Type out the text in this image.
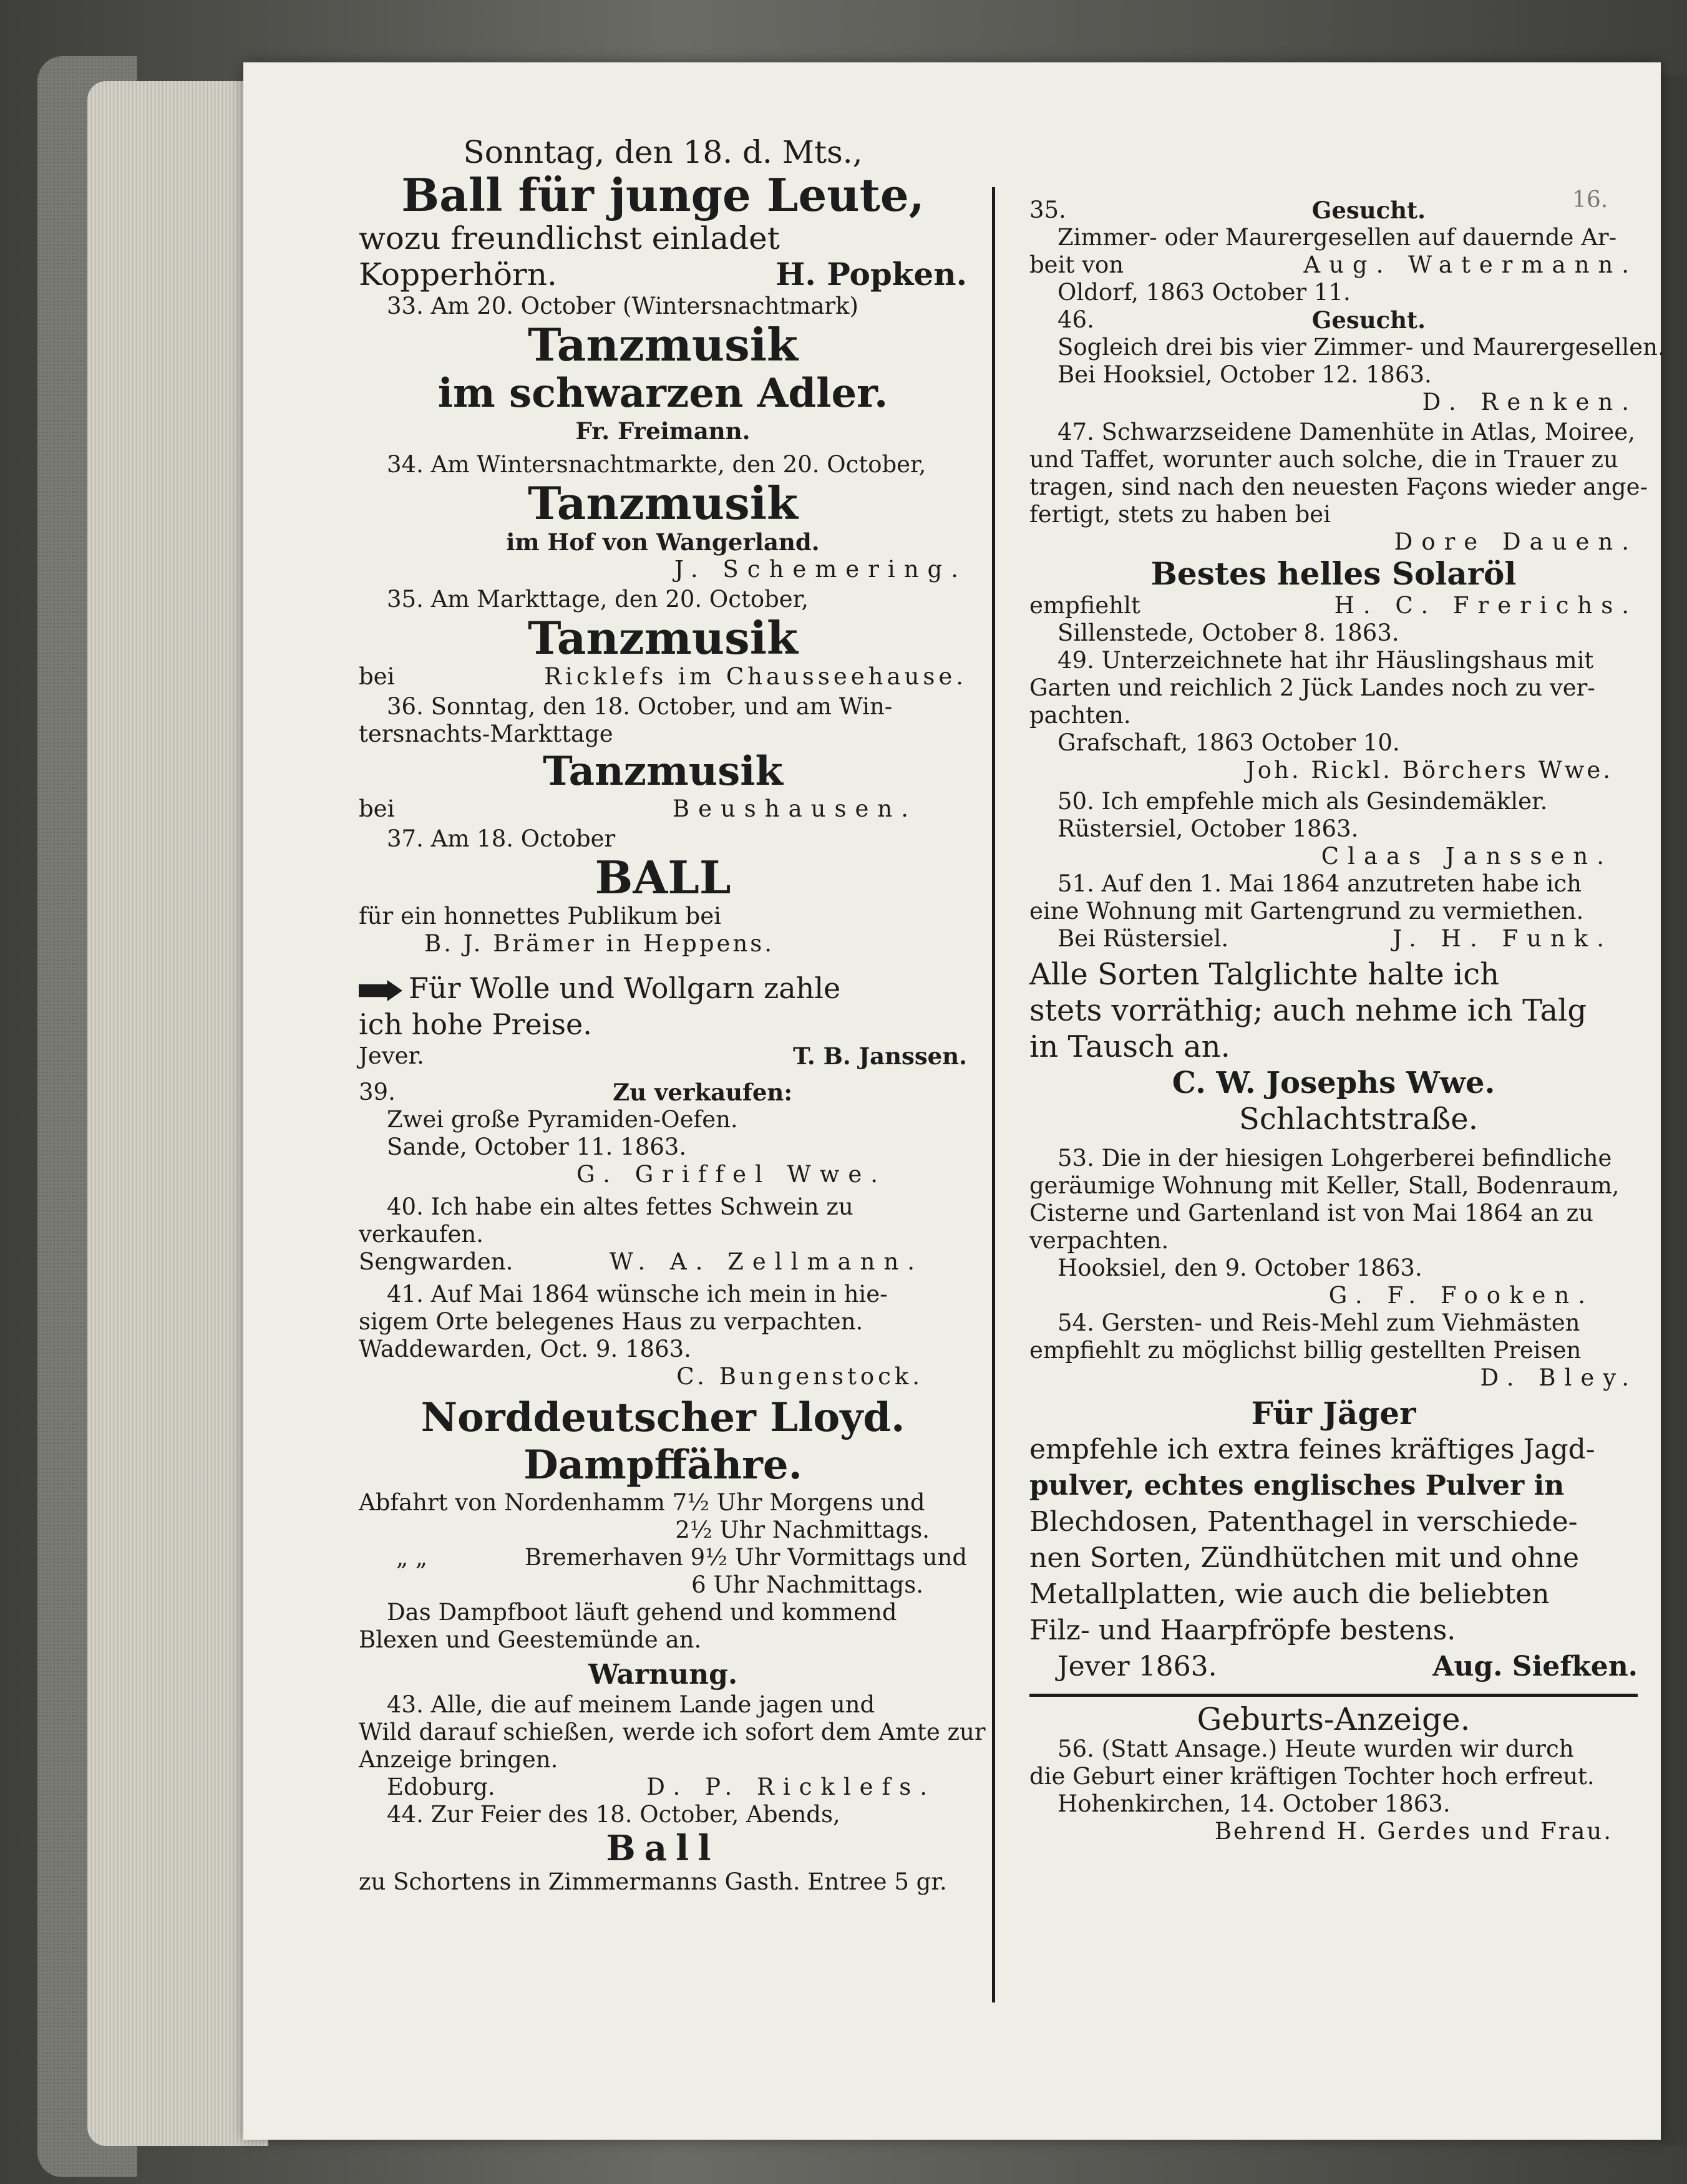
16.
Sonntag, den 18. d. Mts.,
Ball für junge Leute,
wozu freundlichst einladet
Kopperhörn.	H. Popken.
33. Am 20. October (Wintersnachtmark)
Tanzmusik
im schwarzen Adler.
Fr. Freimann.
34. Am Wintersnachtmarkte, den 20. October,
Tanzmusik
im Hof von Wangerland.
J. Schemering.
35. Am Markttage, den 20. October,
Tanzmusik
bei	Ricklefs im Chausseehause.
36. Sonntag, den 18. October, und am Win-
tersnachts-Markttage
Tanzmusik
bei	Beushausen.
37. Am 18. October
BALL
für ein honnettes Publikum bei
B. J. Brämer in Heppens.
Für Wolle und Wollgarn zahle
ich hohe Preise.
Jever.	T. B. Janssen.
39.	Zu verkaufen:
Zwei große Pyramiden-Oefen.
Sande, October 11. 1863.
G. Griffel Wwe.
40. Ich habe ein altes fettes Schwein zu
verkaufen.
Sengwarden.	W. A. Zellmann.
41. Auf Mai 1864 wünsche ich mein in hie-
sigem Orte belegenes Haus zu verpachten.
Waddewarden, Oct. 9. 1863.
C. Bungenstock.
Norddeutscher Lloyd.
Dampffähre.
Abfahrt von Nordenhamm 7½ Uhr Morgens und
2½ Uhr Nachmittags.
„ „	Bremerhaven 9½ Uhr Vormittags und
6 Uhr Nachmittags.
Das Dampfboot läuft gehend und kommend
Blexen und Geestemünde an.
Warnung.
43. Alle, die auf meinem Lande jagen und
Wild darauf schießen, werde ich sofort dem Amte zur
Anzeige bringen.
Edoburg.	D. P. Ricklefs.
44. Zur Feier des 18. October, Abends,
Ball
zu Schortens in Zimmermanns Gasth. Entree 5 gr.
35.	Gesucht.
Zimmer- oder Maurergesellen auf dauernde Ar-
beit von	Aug. Watermann.
Oldorf, 1863 October 11.
46.	Gesucht.
Sogleich drei bis vier Zimmer- und Maurergesellen.
Bei Hooksiel, October 12. 1863.
D. Renken.
47. Schwarzseidene Damenhüte in Atlas, Moiree,
und Taffet, worunter auch solche, die in Trauer zu
tragen, sind nach den neuesten Façons wieder ange-
fertigt, stets zu haben bei
Dore Dauen.
Bestes helles Solaröl
empfiehlt	H. C. Frerichs.
Sillenstede, October 8. 1863.
49. Unterzeichnete hat ihr Häuslingshaus mit
Garten und reichlich 2 Jück Landes noch zu ver-
pachten.
Grafschaft, 1863 October 10.
Joh. Rickl. Börchers Wwe.
50. Ich empfehle mich als Gesindemäkler.
Rüstersiel, October 1863.
Claas Janssen.
51. Auf den 1. Mai 1864 anzutreten habe ich
eine Wohnung mit Gartengrund zu vermiethen.
Bei Rüstersiel.	J. H. Funk.
Alle Sorten Talglichte halte ich
stets vorräthig; auch nehme ich Talg
in Tausch an.
C. W. Josephs Wwe.
Schlachtstraße.
53. Die in der hiesigen Lohgerberei befindliche
geräumige Wohnung mit Keller, Stall, Bodenraum,
Cisterne und Gartenland ist von Mai 1864 an zu
verpachten.
Hooksiel, den 9. October 1863.
G. F. Fooken.
54. Gersten- und Reis-Mehl zum Viehmästen
empfiehlt zu möglichst billig gestellten Preisen
D. Bley.
Für Jäger
empfehle ich extra feines kräftiges Jagd-
pulver, echtes englisches Pulver in
Blechdosen, Patenthagel in verschiede-
nen Sorten, Zündhütchen mit und ohne
Metallplatten, wie auch die beliebten
Filz- und Haarpfröpfe bestens.
Jever 1863.	Aug. Siefken.
Geburts-Anzeige.
56. (Statt Ansage.) Heute wurden wir durch
die Geburt einer kräftigen Tochter hoch erfreut.
Hohenkirchen, 14. October 1863.
Behrend H. Gerdes und Frau.
